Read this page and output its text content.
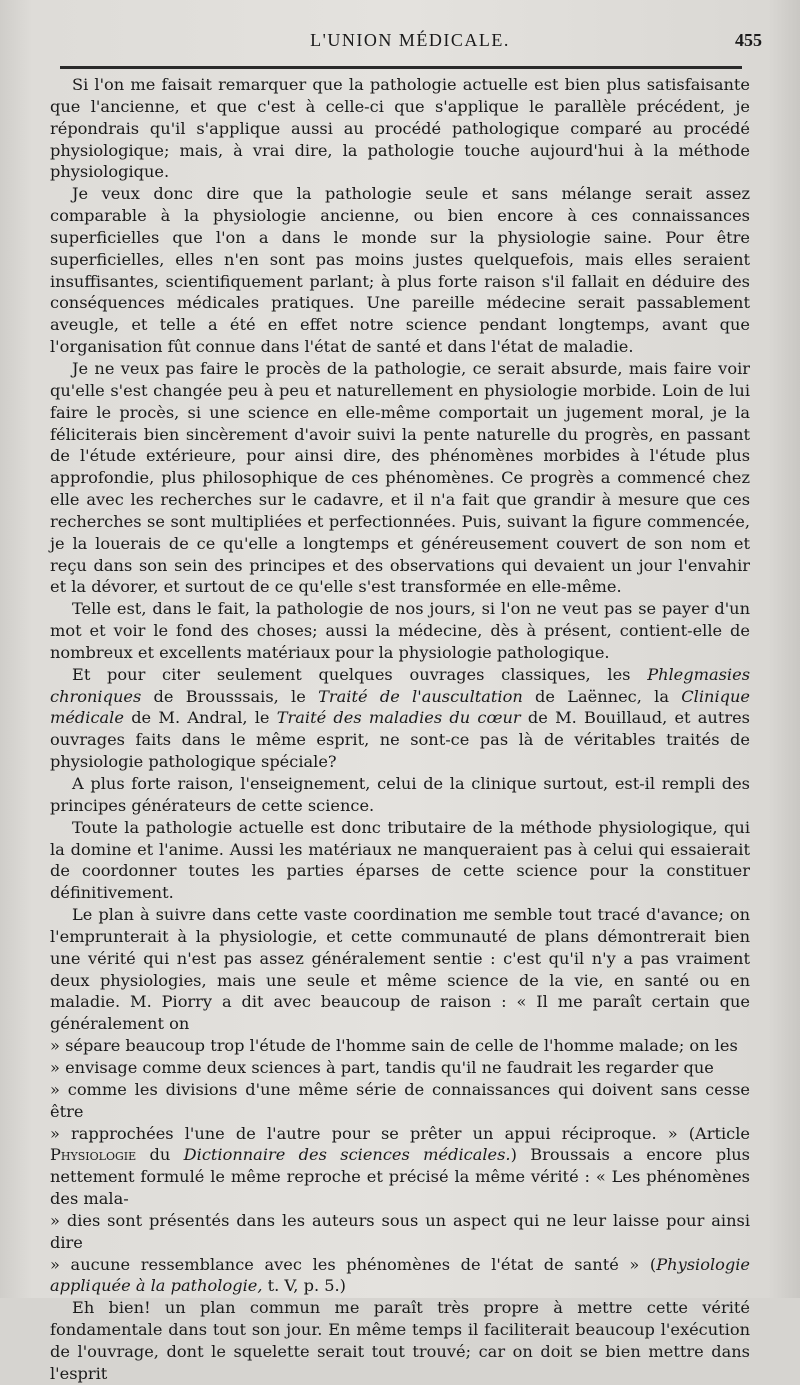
L'UNION MÉDICALE.	455

Si l'on me faisait remarquer que la pathologie actuelle est bien plus satisfaisante que l'ancienne, et que c'est à celle-ci que s'applique le parallèle précédent, je répondrais qu'il s'applique aussi au procédé pathologique comparé au procédé physiologique; mais, à vrai dire, la pathologie touche aujourd'hui à la méthode physiologique.

Je veux donc dire que la pathologie seule et sans mélange serait assez comparable à la physiologie ancienne, ou bien encore à ces connaissances superficielles que l'on a dans le monde sur la physiologie saine. Pour être superficielles, elles n'en sont pas moins justes quelquefois, mais elles seraient insuffisantes, scientifiquement parlant; à plus forte raison s'il fallait en déduire des conséquences médicales pratiques. Une pareille médecine serait passablement aveugle, et telle a été en effet notre science pendant longtemps, avant que l'organisation fût connue dans l'état de santé et dans l'état de maladie.

Je ne veux pas faire le procès de la pathologie, ce serait absurde, mais faire voir qu'elle s'est changée peu à peu et naturellement en physiologie morbide. Loin de lui faire le procès, si une science en elle-même comportait un jugement moral, je la féliciterais bien sincèrement d'avoir suivi la pente naturelle du progrès, en passant de l'étude extérieure, pour ainsi dire, des phénomènes morbides à l'étude plus approfondie, plus philosophique de ces phénomènes. Ce progrès a commencé chez elle avec les recherches sur le cadavre, et il n'a fait que grandir à mesure que ces recherches se sont multipliées et perfectionnées. Puis, suivant la figure commencée, je la louerais de ce qu'elle a longtemps et généreusement couvert de son nom et reçu dans son sein des principes et des observations qui devaient un jour l'envahir et la dévorer, et surtout de ce qu'elle s'est transformée en elle-même.

Telle est, dans le fait, la pathologie de nos jours, si l'on ne veut pas se payer d'un mot et voir le fond des choses; aussi la médecine, dès à présent, contient-elle de nombreux et excellents matériaux pour la physiologie pathologique.

Et pour citer seulement quelques ouvrages classiques, les Phlegmasies chroniques de Brousssais, le Traité de l'auscultation de Laënnec, la Clinique médicale de M. Andral, le Traité des maladies du cœur de M. Bouillaud, et autres ouvrages faits dans le même esprit, ne sont-ce pas là de véritables traités de physiologie pathologique spéciale?

A plus forte raison, l'enseignement, celui de la clinique surtout, est-il rempli des principes générateurs de cette science.

Toute la pathologie actuelle est donc tributaire de la méthode physiologique, qui la domine et l'anime. Aussi les matériaux ne manqueraient pas à celui qui essaierait de coordonner toutes les parties éparses de cette science pour la constituer définitivement.

Le plan à suivre dans cette vaste coordination me semble tout tracé d'avance; on l'emprunterait à la physiologie, et cette communauté de plans démontrerait bien une vérité qui n'est pas assez généralement sentie : c'est qu'il n'y a pas vraiment deux physiologies, mais une seule et même science de la vie, en santé ou en maladie. M. Piorry a dit avec beaucoup de raison : « Il me paraît certain que généralement on

» sépare beaucoup trop l'étude de l'homme sain de celle de l'homme malade; on les

» envisage comme deux sciences à part, tandis qu'il ne faudrait les regarder que

» comme les divisions d'une même série de connaissances qui doivent sans cesse être

» rapprochées l'une de l'autre pour se prêter un appui réciproque. » (Article Physiologie du Dictionnaire des sciences médicales.) Broussais a encore plus nettement formulé le même reproche et précisé la même vérité : « Les phénomènes des mala-

» dies sont présentés dans les auteurs sous un aspect qui ne leur laisse pour ainsi dire

» aucune ressemblance avec les phénomènes de l'état de santé » (Physiologie appliquée à la pathologie, t. V, p. 5.)

Eh bien! un plan commun me paraît très propre à mettre cette vérité fondamentale dans tout son jour. En même temps il faciliterait beaucoup l'exécution de l'ouvrage, dont le squelette serait tout trouvé; car on doit se bien mettre dans l'esprit
